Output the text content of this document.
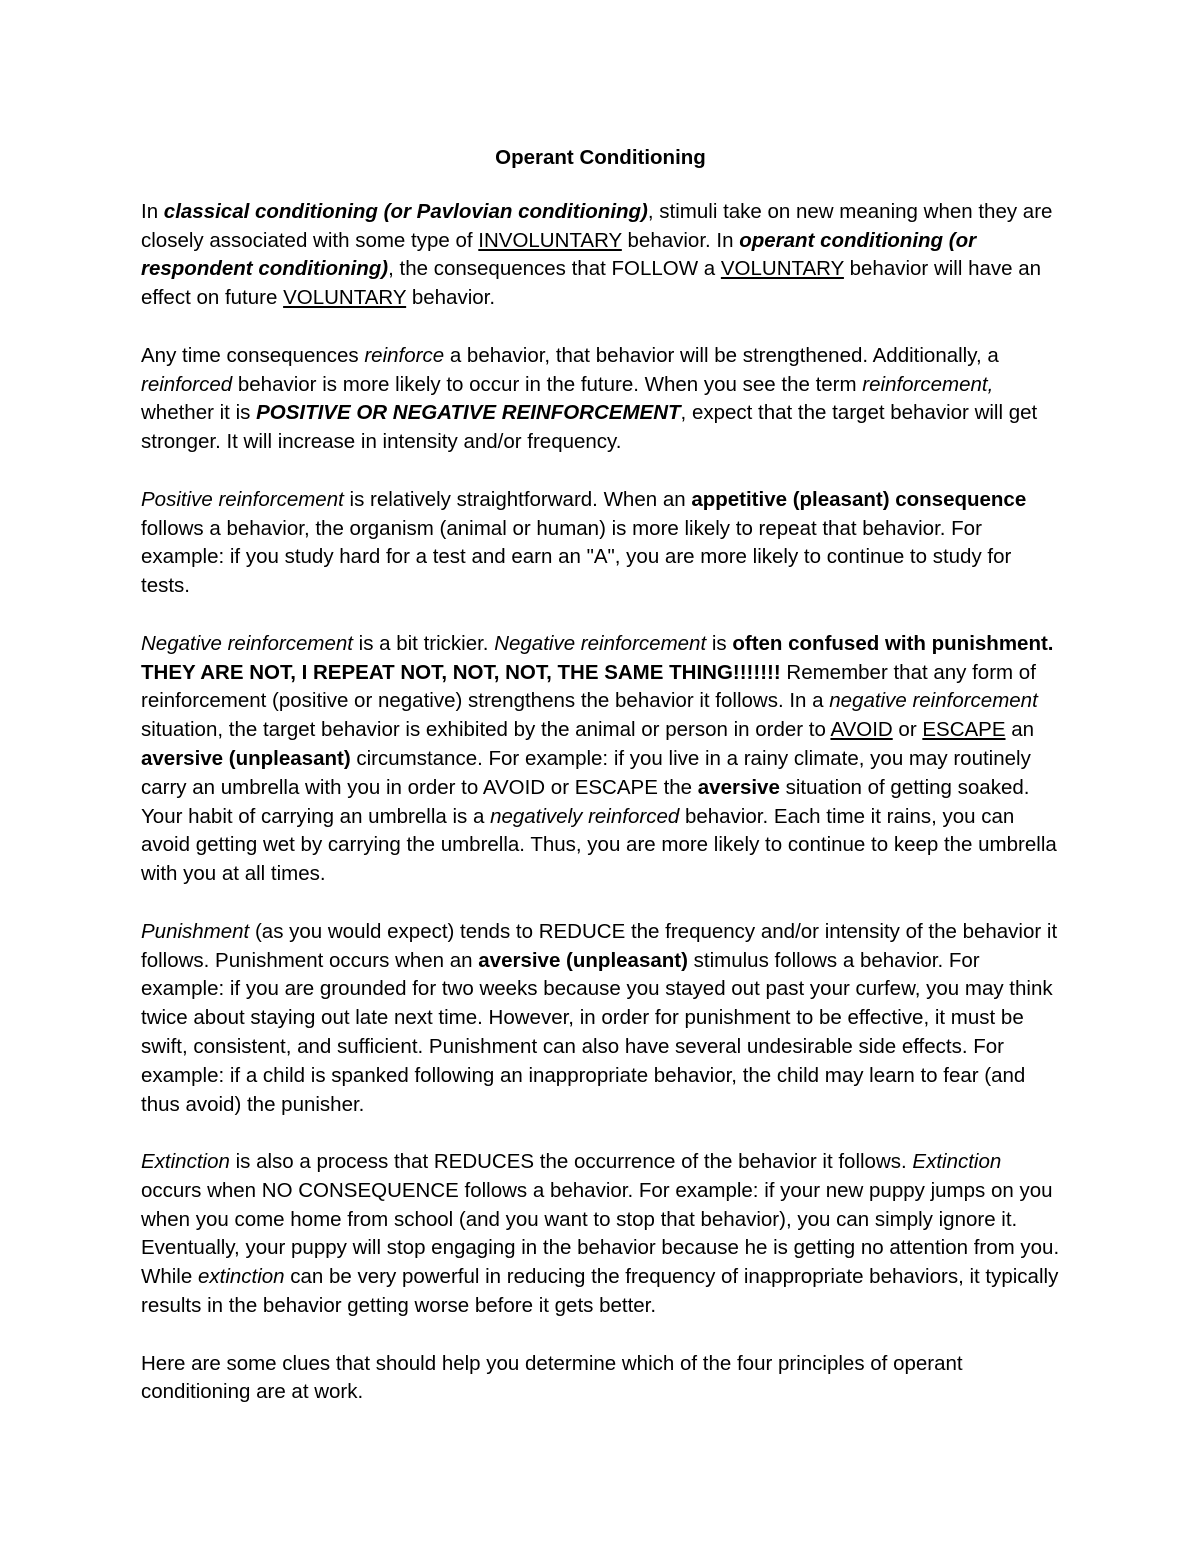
Operant Conditioning

In classical conditioning (or Pavlovian conditioning), stimuli take on new meaning when they are closely associated with some type of INVOLUNTARY behavior. In operant conditioning (or respondent conditioning), the consequences that FOLLOW a VOLUNTARY behavior will have an effect on future VOLUNTARY behavior.

Any time consequences reinforce a behavior, that behavior will be strengthened. Additionally, a reinforced behavior is more likely to occur in the future. When you see the term reinforcement, whether it is POSITIVE OR NEGATIVE REINFORCEMENT, expect that the target behavior will get stronger. It will increase in intensity and/or frequency.

Positive reinforcement is relatively straightforward. When an appetitive (pleasant) consequence follows a behavior, the organism (animal or human) is more likely to repeat that behavior. For example: if you study hard for a test and earn an "A", you are more likely to continue to study for tests.

Negative reinforcement is a bit trickier. Negative reinforcement is often confused with punishment. THEY ARE NOT, I REPEAT NOT, NOT, NOT, THE SAME THING!!!!!!! Remember that any form of reinforcement (positive or negative) strengthens the behavior it follows. In a negative reinforcement situation, the target behavior is exhibited by the animal or person in order to AVOID or ESCAPE an aversive (unpleasant) circumstance. For example: if you live in a rainy climate, you may routinely carry an umbrella with you in order to AVOID or ESCAPE the aversive situation of getting soaked. Your habit of carrying an umbrella is a negatively reinforced behavior. Each time it rains, you can avoid getting wet by carrying the umbrella. Thus, you are more likely to continue to keep the umbrella with you at all times.

Punishment (as you would expect) tends to REDUCE the frequency and/or intensity of the behavior it follows. Punishment occurs when an aversive (unpleasant) stimulus follows a behavior. For example: if you are grounded for two weeks because you stayed out past your curfew, you may think twice about staying out late next time. However, in order for punishment to be effective, it must be swift, consistent, and sufficient. Punishment can also have several undesirable side effects. For example: if a child is spanked following an inappropriate behavior, the child may learn to fear (and thus avoid) the punisher.

Extinction is also a process that REDUCES the occurrence of the behavior it follows. Extinction occurs when NO CONSEQUENCE follows a behavior. For example: if your new puppy jumps on you when you come home from school (and you want to stop that behavior), you can simply ignore it. Eventually, your puppy will stop engaging in the behavior because he is getting no attention from you. While extinction can be very powerful in reducing the frequency of inappropriate behaviors, it typically results in the behavior getting worse before it gets better.

Here are some clues that should help you determine which of the four principles of operant conditioning are at work.
